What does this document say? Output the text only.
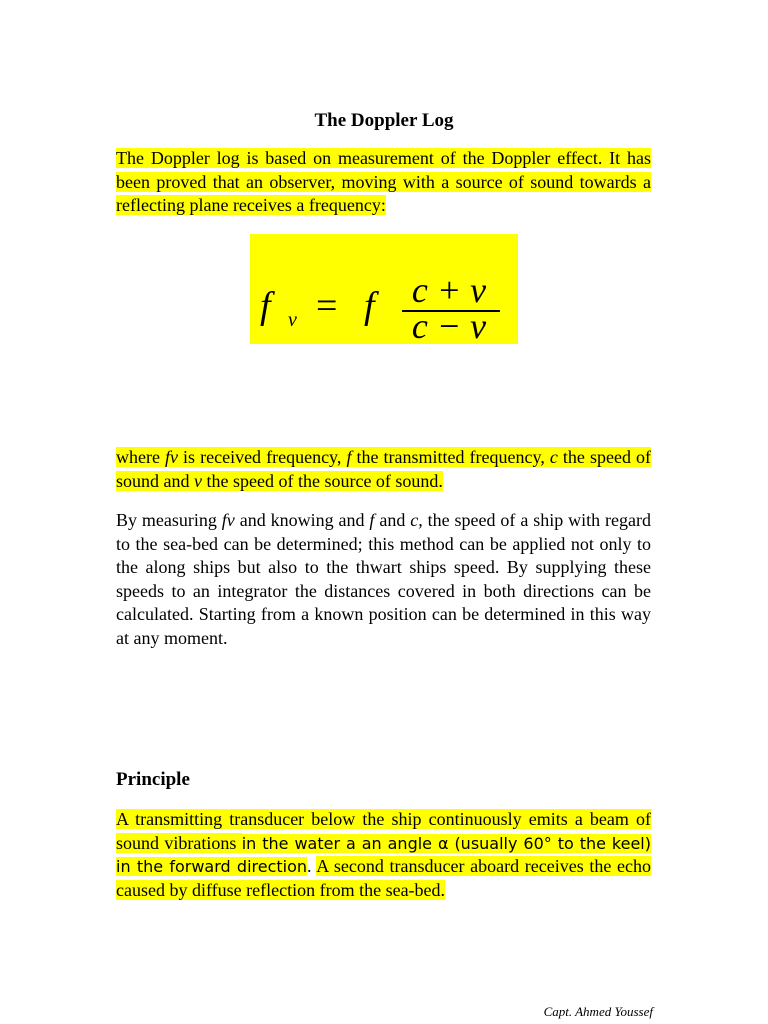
The Doppler Log

The Doppler log is based on measurement of the Doppler effect. It has been proved that an observer, moving with a source of sound towards a reflecting plane receives a frequency:

f v = f c + v
c − v

where fv is received frequency, f the transmitted frequency, c the speed of sound and v the speed of the source of sound.

By measuring fv and knowing and f and c, the speed of a ship with regard to the sea-bed can be determined; this method can be applied not only to the along ships but also to the thwart ships speed. By supplying these speeds to an integrator the distances covered in both directions can be calculated. Starting from a known position can be determined in this way at any moment.

Principle

A transmitting transducer below the ship continuously emits a beam of sound vibrations in the water a an angle α (usually 60° to the keel) in the forward direction. A second transducer aboard receives the echo caused by diffuse reflection from the sea-bed.

Capt. Ahmed Youssef
